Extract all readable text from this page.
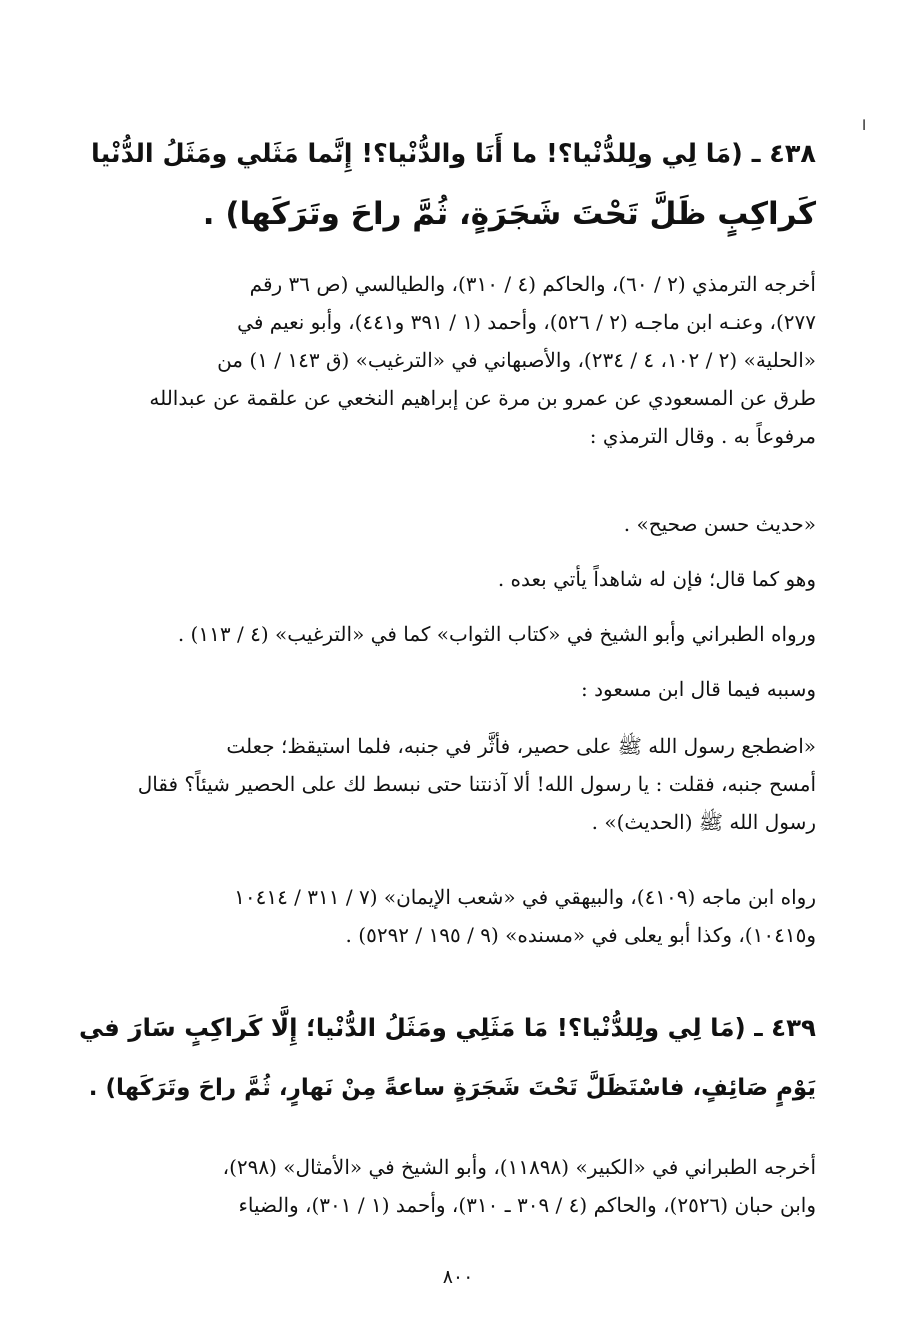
ا
٤٣٨ ـ (مَا لِي ولِلدُّنْيا؟! ما أَنَا والدُّنْيا؟! إِنَّما مَثَلي ومَثَلُ الدُّنْيا
كَراكِبٍ ظَلَّ تَحْتَ شَجَرَةٍ، ثُمَّ راحَ وتَرَكَها) .
أخرجه الترمذي (٢ / ٦٠)، والحاكم (٤ / ٣١٠)، والطيالسي (ص ٣٦ رقم
٢٧٧)، وعنـه ابن ماجـه (٢ / ٥٢٦)، وأحمد (١ / ٣٩١ و٤٤١)، وأبو نعيم في
«الحلية» (٢ / ١٠٢، ٤ / ٢٣٤)، والأصبهاني في «الترغيب» (ق ١٤٣ / ١) من
طرق عن المسعودي عن عمرو بن مرة عن إبراهيم النخعي عن علقمة عن عبدالله
مرفوعاً به . وقال الترمذي :
«حديث حسن صحيح» .
وهو كما قال؛ فإن له شاهداً يأتي بعده .
ورواه الطبراني وأبو الشيخ في «كتاب الثواب» كما في «الترغيب» (٤ / ١١٣) .
وسببه فيما قال ابن مسعود :
«اضطجع رسول الله ﷺ على حصير، فأثَّر في جنبه، فلما استيقظ؛ جعلت
أمسح جنبه، فقلت : يا رسول الله! ألا آذنتنا حتى نبسط لك على الحصير شيئاً؟ فقال
رسول الله ﷺ (الحديث)» .
رواه ابن ماجه (٤١٠٩)، والبيهقي في «شعب الإيمان» (٧ / ٣١١ / ١٠٤١٤
و١٠٤١٥)، وكذا أبو يعلى في «مسنده» (٩ / ١٩٥ / ٥٢٩٢) .
٤٣٩ ـ (مَا لِي ولِلدُّنْيا؟! مَا مَثَلِي ومَثَلُ الدُّنْيا؛ إِلَّا كَراكِبٍ سَارَ في
يَوْمٍ صَائِفٍ، فاسْتَظَلَّ تَحْتَ شَجَرَةٍ ساعةً مِنْ نَهارٍ، ثُمَّ راحَ وتَرَكَها) .
أخرجه الطبراني في «الكبير» (١١٨٩٨)، وأبو الشيخ في «الأمثال» (٢٩٨)،
وابن حبان (٢٥٢٦)، والحاكم (٤ / ٣٠٩ ـ ٣١٠)، وأحمد (١ / ٣٠١)، والضياء
٨٠٠
